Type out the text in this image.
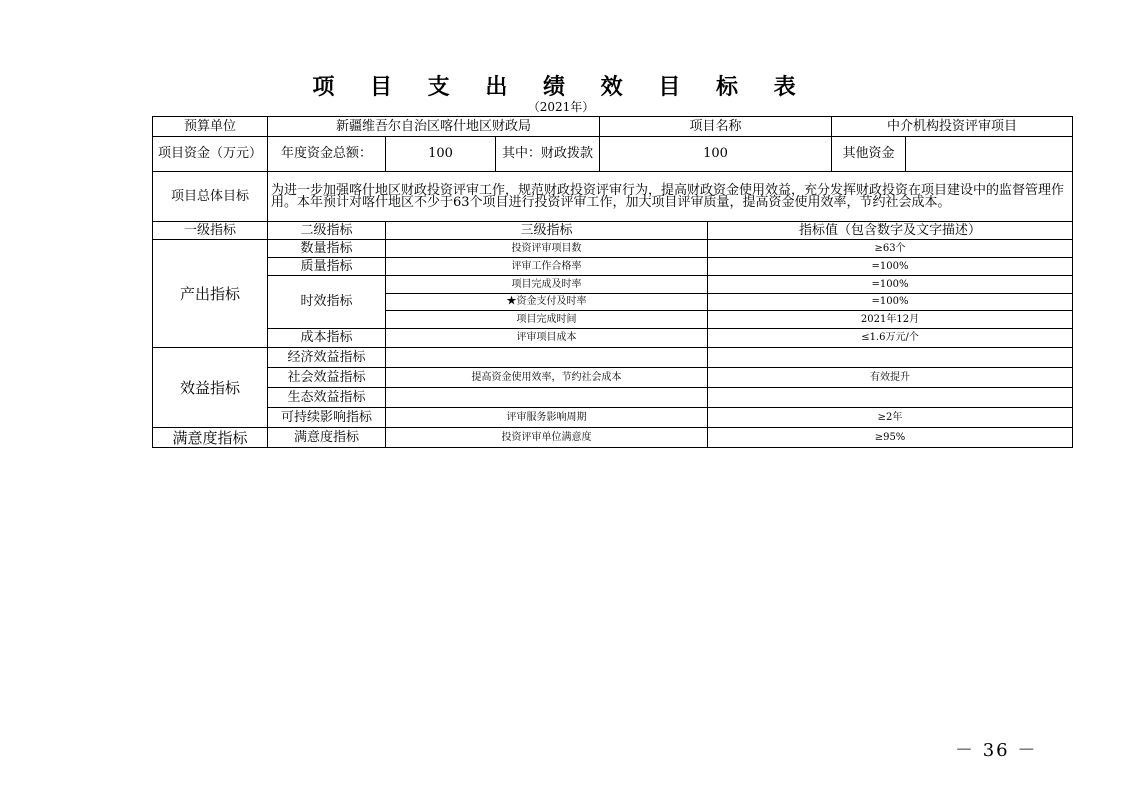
项 目 支 出 绩 效 目 标 表
（2021年）
预算单位	新疆维吾尔自治区喀什地区财政局			项目名称		中介机构投资评审项目	
项目资金（万元）	年度资金总额：	100	其中：财政拨款	100		其他资金	
项目总体目标	为进一步加强喀什地区财政投资评审工作，规范财政投资评审行为，提高财政资金使用效益，充分发挥财政投资在项目建设中的监督管理作用。本年预计对喀什地区不少于63个项目进行投资评审工作，加大项目评审质量，提高资金使用效率，节约社会成本。						
一级指标	二级指标	三级指标			指标值（包含数字及文字描述）		
产出指标	数量指标	投资评审项目数			≥63个		
	质量指标	评审工作合格率			=100%		
	时效指标	项目完成及时率			=100%		
		★资金支付及时率			=100%		
		项目完成时间			2021年12月		
	成本指标	评审项目成本			≤1.6万元/个		
效益指标	经济效益指标						
	社会效益指标	提高资金使用效率，节约社会成本			有效提升		
	生态效益指标						
	可持续影响指标	评审服务影响周期			≥2年		
满意度指标	满意度指标	投资评审单位满意度			≥95%		
－ 36 －
